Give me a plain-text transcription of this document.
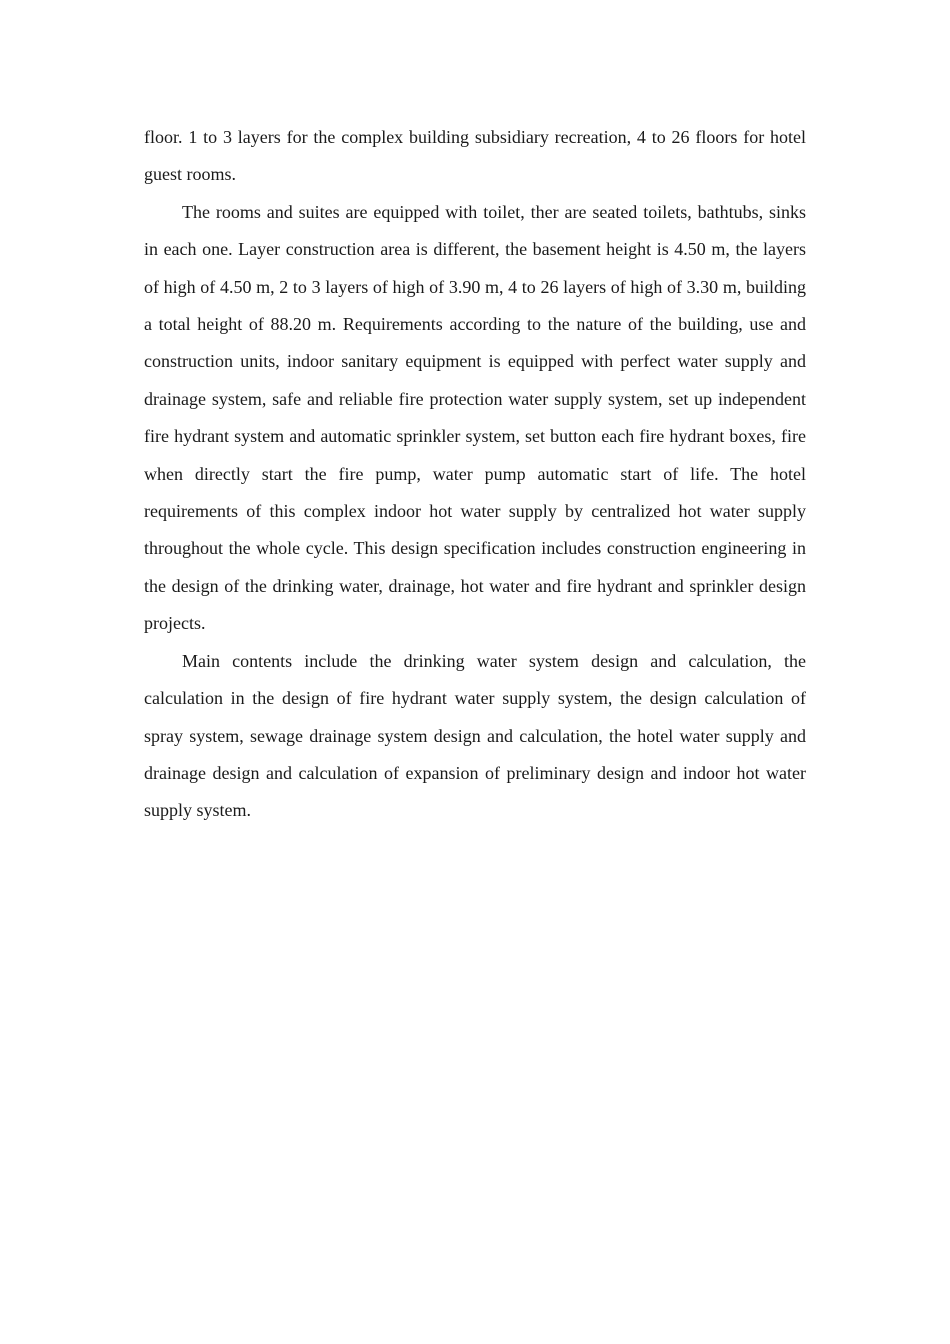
floor. 1 to 3 layers for the complex building subsidiary recreation, 4 to 26 floors for hotel guest rooms.

The rooms and suites are equipped with toilet, ther are seated toilets, bathtubs, sinks in each one. Layer construction area is different, the basement height is 4.50 m, the layers of high of 4.50 m, 2 to 3 layers of high of 3.90 m, 4 to 26 layers of high of 3.30 m, building a total height of 88.20 m. Requirements according to the nature of the building, use and construction units, indoor sanitary equipment is equipped with perfect water supply and drainage system, safe and reliable fire protection water supply system, set up independent fire hydrant system and automatic sprinkler system, set button each fire hydrant boxes, fire when directly start the fire pump, water pump automatic start of life. The hotel requirements of this complex indoor hot water supply by centralized hot water supply throughout the whole cycle. This design specification includes construction engineering in the design of the drinking water, drainage, hot water and fire hydrant and sprinkler design projects.

Main contents include the drinking water system design and calculation, the calculation in the design of fire hydrant water supply system, the design calculation of spray system, sewage drainage system design and calculation, the hotel water supply and drainage design and calculation of expansion of preliminary design and indoor hot water supply system.
